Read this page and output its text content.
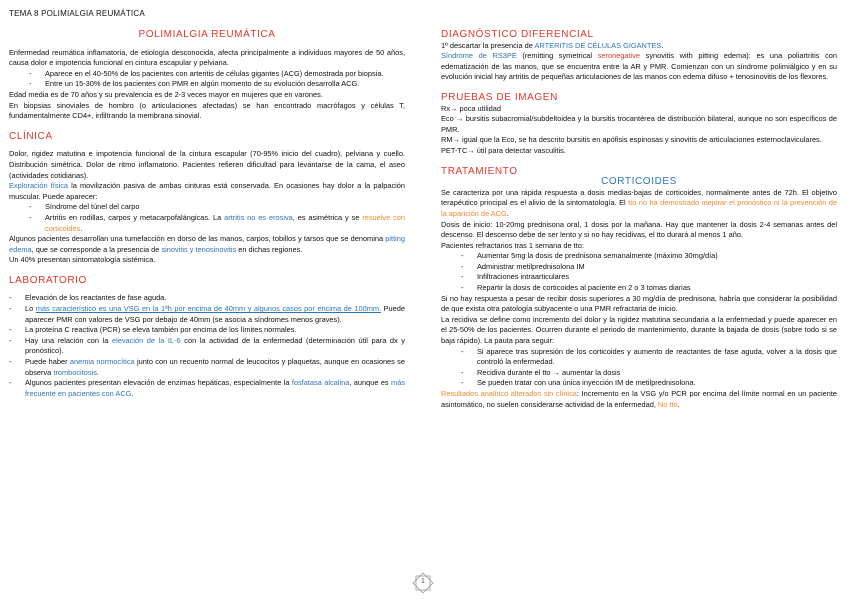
TEMA 8 POLIMIALGIA REUMÁTICA
POLIMIALGIA REUMÁTICA

Enfermedad reumática inflamatoria, de etiología desconocida, afecta principalmente a individuos mayores de 50 años, causa dolor e impotencia funcional en cintura escapular y pelviana.

- Aparece en el 40-50% de los pacientes con arteritis de células gigantes (ACG) demostrada por biopsia.
- Entre un 15-30% de los pacientes con PMR en algún momento de su evolución desarrolla ACG.

Edad media es de 70 años y su prevalencia es de 2-3 veces mayor en mujeres que en varones.

En biopsias sinoviales de hombro (o articulaciones afectadas) se han encontrado macrófagos y células T, fundamentalmente CD4+, infiltrando la membrana sinovial.

CLÍNICA

Dolor, rigidez matutina e impotencia funcional de la cintura escapular (70-95% inicio del cuadro), pelviana y cuello. Distribución simétrica. Dolor de ritmo inflamatorio. Pacientes refieren dificultad para levantarse de la cama, el aseo (actividades cotidianas).

Exploración física la movilización pasiva de ambas cinturas está conservada. En ocasiones hay dolor a la palpación muscular. Puede aparecer:

- Síndrome del túnel del carpo
- Artritis en rodillas, carpos y metacarpofalángicas. La artritis no es erosiva, es asimétrica y se resuelve con corticoides.

Algunos pacientes desarrollan una tumefacción en dorso de las manos, carpos, tobillos y tarsos que se denomina pitting edema, que se corresponde a la presencia de sinovitis y tenosinovitis en dichas regiones.

Un 40% presentan sintomatología sistémica.

LABORATORIO
- Elevación de los reactantes de fase aguda.
- Lo más característico es una VSG en la 1ªh por encima de 40mm y algunos casos por encima de 100mm. Puede aparecer PMR con valores de VSG por debajo de 40mm (se asocia a síndromes menos graves).
- La proteína C reactiva (PCR) se eleva también por encima de los límites normales.
- Hay una relación con la elevación de la IL-6 con la actividad de la enfermedad (determinación útil para dx y pronóstico).
- Puede haber anemia normocítica junto con un recuento normal de leucocitos y plaquetas, aunque en ocasiones se observa trombocitosis.
- Algunos pacientes presentan elevación de enzimas hepáticas, especialmente la fosfatasa alcalina, aunque es más frecuente en pacientes con ACG.
DIAGNÓSTICO DIFERENCIAL

1º descartar la presencia de ARTERITIS DE CÉLULAS GIGANTES.

Síndrome de RS3PE (remitting symetrical seronegative synovitis with pitting edema): es una poliartritis con edematización de las manos, que se encuentra entre la AR y PMR. Comienzan con un síndrome polimiálgico y en su evolución inicial hay artritis de pequeñas articulaciones de las manos con edema difuso + tenosinovitis de los flexores.

PRUEBAS DE IMAGEN

Rx→ poca utilidad

Eco → bursitis subacromial/subdeltoidea y la bursitis trocantérea de distribución bilateral, aunque no son específicos de PMR.

RM→ igual que la Eco, se ha descrito bursitis en apófisis espinosas y sinovitis de articulaciones esternoclaviculares.

PET-TC→ útil para detectar vasculitis.

TRATAMIENTO
CORTICOIDES

Se caracteriza por una rápida respuesta a dosis medias-bajas de corticoides, normalmente antes de 72h. El objetivo terapéutico principal es el alivio de la sintomatología. El tto no ha demostrado mejorar el pronóstico ni la prevención de la aparición de ACG.

Dosis de inicio: 10-20mg prednisona oral, 1 dosis por la mañana. Hay que mantener la dosis 2-4 semanas antes del descenso. El descenso debe de ser lento y si no hay recidivas, el tto durará al menos 1 año.

Pacientes refractarios tras 1 semana de tto:

- Aumentar 5mg la dosis de prednisona semanalmente (máximo 30mg/día)
- Administrar metilprednisolona IM
- Infiltraciones intraarticulares
- Repartir la dosis de corticoides al paciente en 2 o 3 tomas diarias

Si no hay respuesta a pesar de recibir dosis superiores a 30 mg/día de prednisona, habría que considerar la posibilidad de que exista otra patología subyacente o una PMR refractaria de inicio.

La recidiva se define como incremento del dolor y la rigidez matutina secundaria a la enfermedad y puede aparecer en el 25-50% de los pacientes. Ocurren durante el periodo de mantenimiento, durante la bajada de dosis (sobre todo si se baja rápido). La pauta para seguir:

- Si aparece tras supresión de los corticoides y aumento de reactantes de fase aguda, volver a la dosis que controló la enfermedad.
- Recidiva durante el tto → aumentar la dosis
- Se pueden tratar con una única inyección IM de metilprednisolona.

Resultados analítico alterados sin clínica: Incremento en la VSG y/o PCR por encima del límite normal en un paciente asintomático, no suelen considerarse actividad de la enfermedad, No tto.

1
